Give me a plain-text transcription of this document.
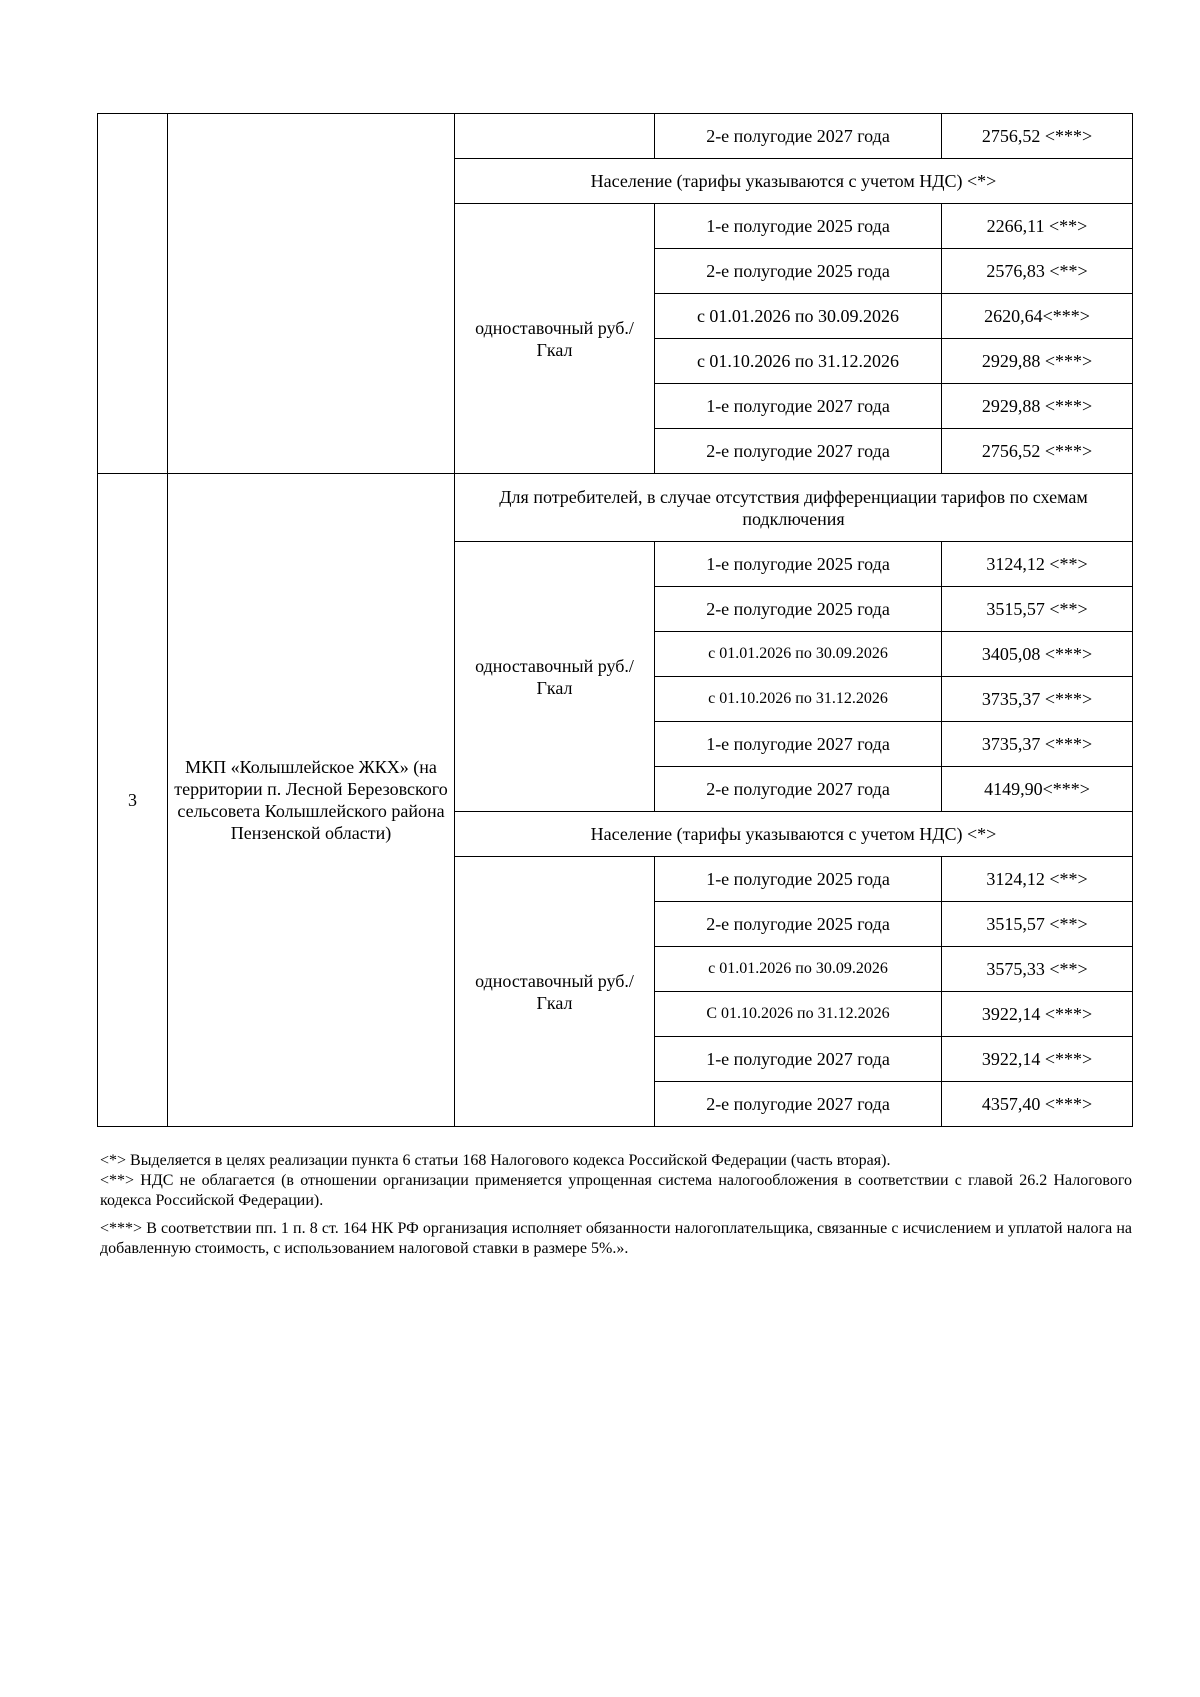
			2-е полугодие 2027 года	2756,52 <***>
		Население (тарифы указываются с учетом НДС) <*>		
		одноставочный руб./Гкал	1-е полугодие 2025 года	2266,11 <**>
			2-е полугодие 2025 года	2576,83 <**>
			с 01.01.2026 по 30.09.2026	2620,64<***>
			с 01.10.2026 по 31.12.2026	2929,88 <***>
			1-е полугодие 2027 года	2929,88 <***>
			2-е полугодие 2027 года	2756,52 <***>
3	МКП «Колышлейское ЖКХ» (на территории п. Лесной Березовского сельсовета Колышлейского района Пензенской области)	Для потребителей, в случае отсутствия дифференциации тарифов по схемам подключения		
		одноставочный руб./Гкал	1-е полугодие 2025 года	3124,12 <**>
			2-е полугодие 2025 года	3515,57 <**>
			с 01.01.2026 по 30.09.2026	3405,08 <***>
			с 01.10.2026 по 31.12.2026	3735,37 <***>
			1-е полугодие 2027 года	3735,37 <***>
			2-е полугодие 2027 года	4149,90<***>
		Население (тарифы указываются с учетом НДС) <*>		
		одноставочный руб./Гкал	1-е полугодие 2025 года	3124,12 <**>
			2-е полугодие 2025 года	3515,57 <**>
			с 01.01.2026 по 30.09.2026	3575,33 <**>
			С 01.10.2026 по 31.12.2026	3922,14 <***>
			1-е полугодие 2027 года	3922,14 <***>
			2-е полугодие 2027 года	4357,40 <***>

<*> Выделяется в целях реализации пункта 6 статьи 168 Налогового кодекса Российской Федерации (часть вторая).

<**> НДС не облагается (в отношении организации применяется упрощенная система налогообложения в соответствии с главой 26.2 Налогового кодекса Российской Федерации).

<***> В соответствии пп. 1 п. 8 ст. 164 НК РФ организация исполняет обязанности налогоплательщика, связанные с исчислением и уплатой налога на добавленную стоимость, с использованием налоговой ставки в размере 5%.».
